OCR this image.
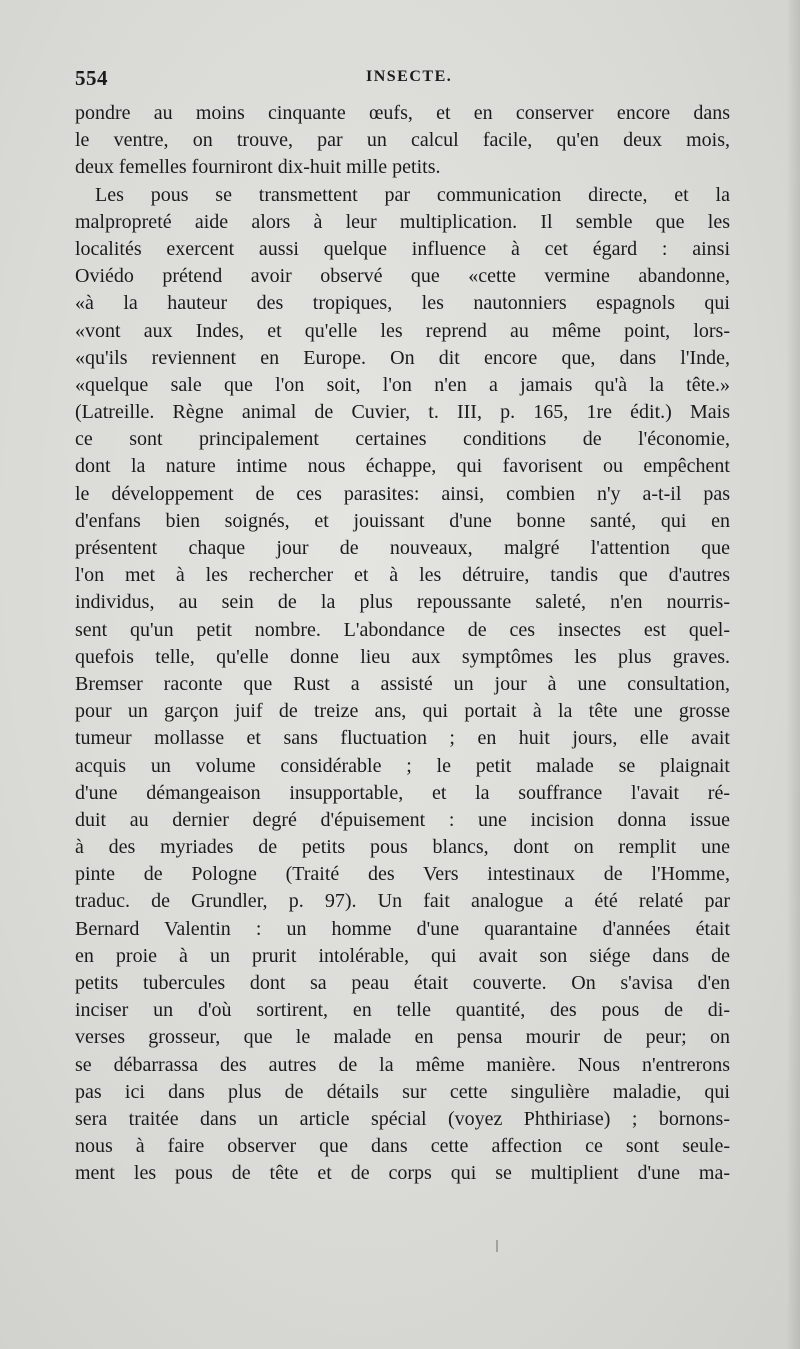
554	INSECTE.
pondre au moins cinquante œufs, et en conserver encore dans
le ventre, on trouve, par un calcul facile, qu'en deux mois,
deux femelles fourniront dix-huit mille petits.
Les pous se transmettent par communication directe, et la
malpropreté aide alors à leur multiplication. Il semble que les
localités exercent aussi quelque influence à cet égard : ainsi
Oviédo prétend avoir observé que «cette vermine abandonne,
«à la hauteur des tropiques, les nautonniers espagnols qui
«vont aux Indes, et qu'elle les reprend au même point, lors-
«qu'ils reviennent en Europe. On dit encore que, dans l'Inde,
«quelque sale que l'on soit, l'on n'en a jamais qu'à la tête.»
(Latreille. Règne animal de Cuvier, t. III, p. 165, 1re édit.) Mais
ce sont principalement certaines conditions de l'économie,
dont la nature intime nous échappe, qui favorisent ou empêchent
le développement de ces parasites: ainsi, combien n'y a-t-il pas
d'enfans bien soignés, et jouissant d'une bonne santé, qui en
présentent chaque jour de nouveaux, malgré l'attention que
l'on met à les rechercher et à les détruire, tandis que d'autres
individus, au sein de la plus repoussante saleté, n'en nourris-
sent qu'un petit nombre. L'abondance de ces insectes est quel-
quefois telle, qu'elle donne lieu aux symptômes les plus graves.
Bremser raconte que Rust a assisté un jour à une consultation,
pour un garçon juif de treize ans, qui portait à la tête une grosse
tumeur mollasse et sans fluctuation ; en huit jours, elle avait
acquis un volume considérable ; le petit malade se plaignait
d'une démangeaison insupportable, et la souffrance l'avait ré-
duit au dernier degré d'épuisement : une incision donna issue
à des myriades de petits pous blancs, dont on remplit une
pinte de Pologne (Traité des Vers intestinaux de l'Homme,
traduc. de Grundler, p. 97). Un fait analogue a été relaté par
Bernard Valentin : un homme d'une quarantaine d'années était
en proie à un prurit intolérable, qui avait son siége dans de
petits tubercules dont sa peau était couverte. On s'avisa d'en
inciser un d'où sortirent, en telle quantité, des pous de di-
verses grosseur, que le malade en pensa mourir de peur; on
se débarrassa des autres de la même manière. Nous n'entrerons
pas ici dans plus de détails sur cette singulière maladie, qui
sera traitée dans un article spécial (voyez Phthiriase) ; bornons-
nous à faire observer que dans cette affection ce sont seule-
ment les pous de tête et de corps qui se multiplient d'une ma-
